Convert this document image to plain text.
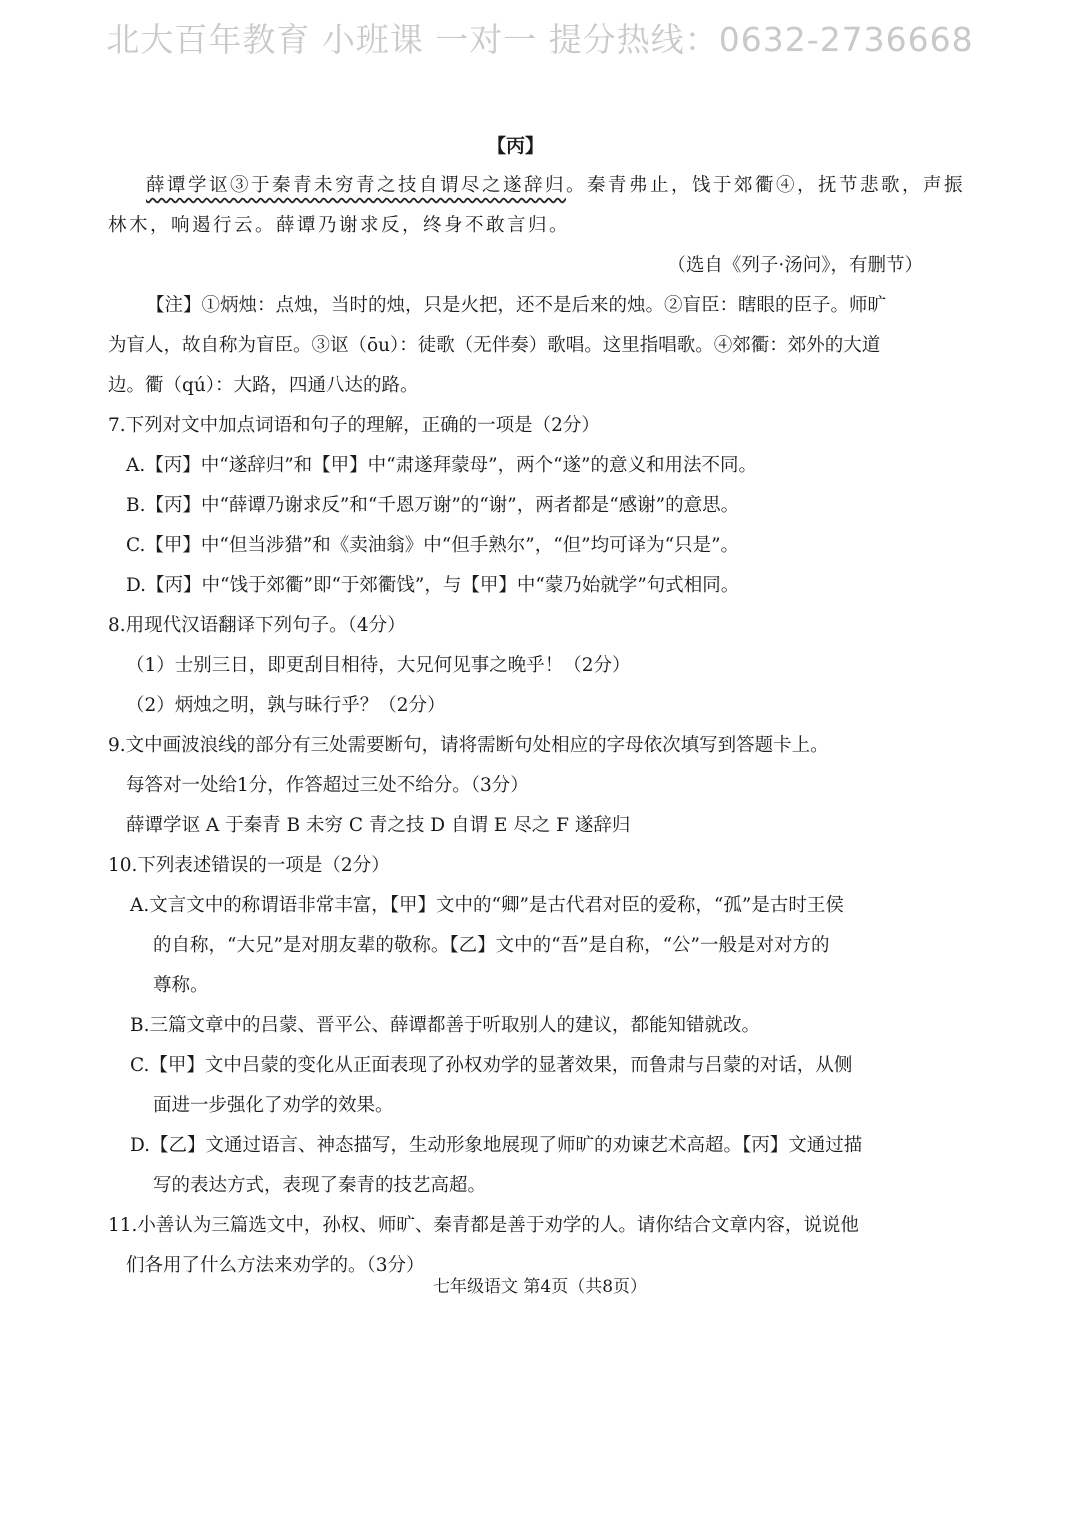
北大百年教育 小班课 一对一 提分热线：0632-2736668
【丙】
薛谭学讴③于秦青未穷青之技自谓尽之遂辞归。秦青弗止，饯于郊衢④，抚节悲歌，声振
林木，响遏行云。薛谭乃谢求反，终身不敢言归。
（选自《列子·汤问》，有删节）
【注】①炳烛：点烛，当时的烛，只是火把，还不是后来的烛。②盲臣：瞎眼的臣子。师旷
为盲人，故自称为盲臣。③讴（ōu）：徒歌（无伴奏）歌唱。这里指唱歌。④郊衢：郊外的大道
边。衢（qú）：大路，四通八达的路。
7.下列对文中加点词语和句子的理解，正确的一项是（2分）
A.【丙】中“遂辞归”和【甲】中“肃遂拜蒙母”，两个“遂”的意义和用法不同。
B.【丙】中“薛谭乃谢求反”和“千恩万谢”的“谢”，两者都是“感谢”的意思。
C.【甲】中“但当涉猎”和《卖油翁》中“但手熟尔”，“但”均可译为“只是”。
D.【丙】中“饯于郊衢”即“于郊衢饯”，与【甲】中“蒙乃始就学”句式相同。
8.用现代汉语翻译下列句子。（4分）
（1）士别三日，即更刮目相待，大兄何见事之晚乎！（2分）
（2）炳烛之明，孰与昧行乎？（2分）
9.文中画波浪线的部分有三处需要断句，请将需断句处相应的字母依次填写到答题卡上。
每答对一处给1分，作答超过三处不给分。（3分）
薛谭学讴 A 于秦青 B 未穷 C 青之技 D 自谓 E 尽之 F 遂辞归
10.下列表述错误的一项是（2分）
A.文言文中的称谓语非常丰富，【甲】文中的“卿”是古代君对臣的爱称，“孤”是古时王侯
的自称，“大兄”是对朋友辈的敬称。【乙】文中的“吾”是自称，“公”一般是对对方的
尊称。
B.三篇文章中的吕蒙、晋平公、薛谭都善于听取别人的建议，都能知错就改。
C.【甲】文中吕蒙的变化从正面表现了孙权劝学的显著效果，而鲁肃与吕蒙的对话，从侧
面进一步强化了劝学的效果。
D.【乙】文通过语言、神态描写，生动形象地展现了师旷的劝谏艺术高超。【丙】文通过描
写的表达方式，表现了秦青的技艺高超。
11.小善认为三篇选文中，孙权、师旷、秦青都是善于劝学的人。请你结合文章内容，说说他
们各用了什么方法来劝学的。（3分）
七年级语文 第4页（共8页）
